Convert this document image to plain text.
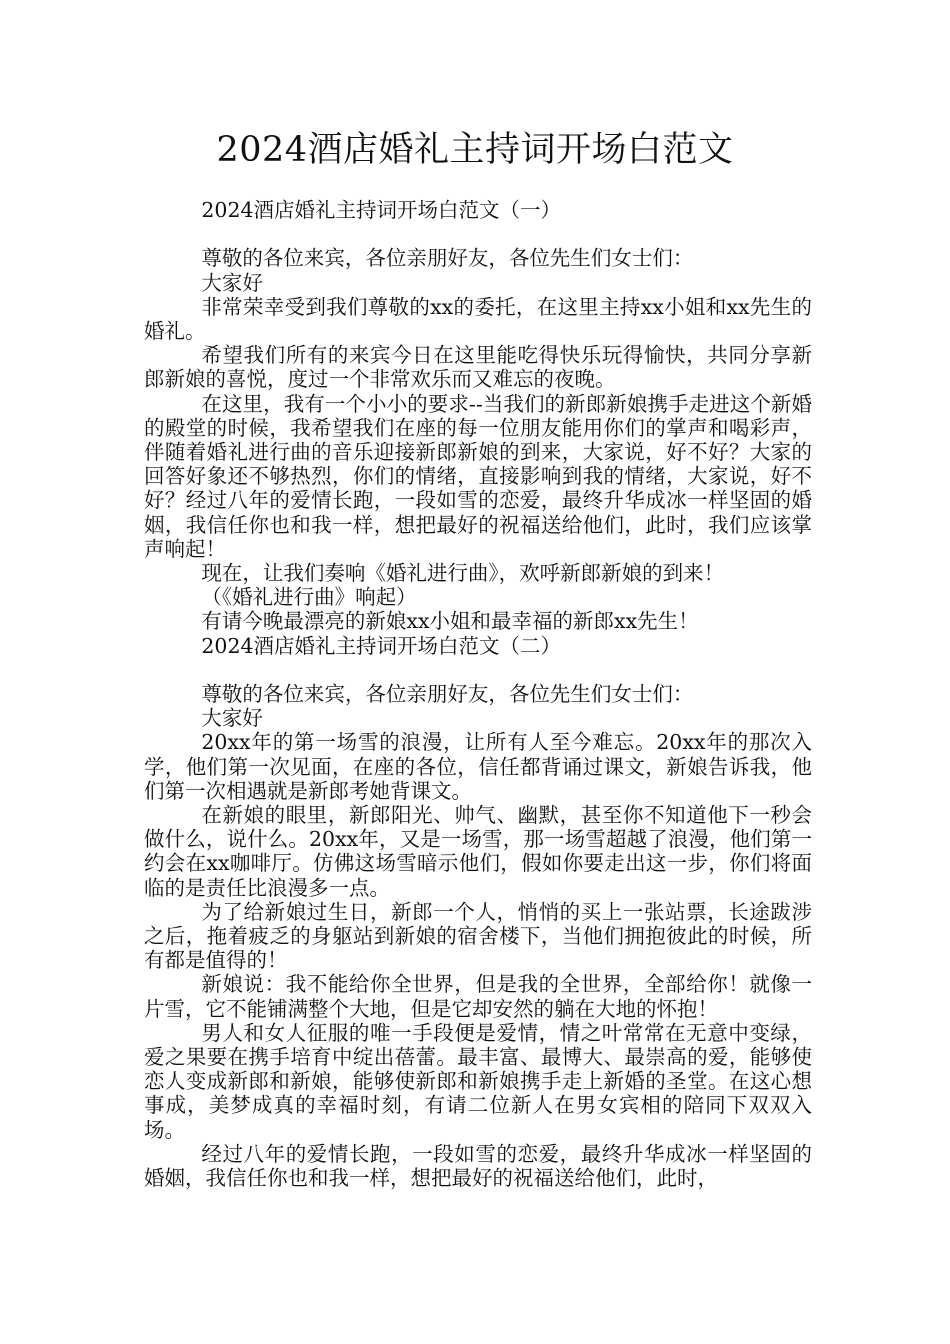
2024酒店婚礼主持词开场白范文

2024酒店婚礼主持词开场白范文（一）

尊敬的各位来宾，各位亲朋好友，各位先生们女士们：

大家好

非常荣幸受到我们尊敬的xx的委托，在这里主持xx小姐和xx先生的婚礼。

希望我们所有的来宾今日在这里能吃得快乐玩得愉快，共同分享新郎新娘的喜悦，度过一个非常欢乐而又难忘的夜晚。

在这里，我有一个小小的要求--当我们的新郎新娘携手走进这个新婚的殿堂的时候，我希望我们在座的每一位朋友能用你们的掌声和喝彩声，伴随着婚礼进行曲的音乐迎接新郎新娘的到来，大家说，好不好？大家的回答好象还不够热烈，你们的情绪，直接影响到我的情绪，大家说，好不好？经过八年的爱情长跑，一段如雪的恋爱，最终升华成冰一样坚固的婚姻，我信任你也和我一样，想把最好的祝福送给他们，此时，我们应该掌声响起！

现在，让我们奏响《婚礼进行曲》，欢呼新郎新娘的到来！

（《婚礼进行曲》响起）

有请今晚最漂亮的新娘xx小姐和最幸福的新郎xx先生！

2024酒店婚礼主持词开场白范文（二）

尊敬的各位来宾，各位亲朋好友，各位先生们女士们：

大家好

20xx年的第一场雪的浪漫，让所有人至今难忘。20xx年的那次入学，他们第一次见面，在座的各位，信任都背诵过课文，新娘告诉我，他们第一次相遇就是新郎考她背课文。

在新娘的眼里，新郎阳光、帅气、幽默，甚至你不知道他下一秒会做什么，说什么。20xx年，又是一场雪，那一场雪超越了浪漫，他们第一约会在xx咖啡厅。仿佛这场雪暗示他们，假如你要走出这一步，你们将面临的是责任比浪漫多一点。

为了给新娘过生日，新郎一个人，悄悄的买上一张站票，长途跋涉之后，拖着疲乏的身躯站到新娘的宿舍楼下，当他们拥抱彼此的时候，所有都是值得的！

新娘说：我不能给你全世界，但是我的全世界，全部给你！就像一片雪，它不能铺满整个大地，但是它却安然的躺在大地的怀抱！

男人和女人征服的唯一手段便是爱情，情之叶常常在无意中变绿，爱之果要在携手培育中绽出蓓蕾。最丰富、最博大、最崇高的爱，能够使恋人变成新郎和新娘，能够使新郎和新娘携手走上新婚的圣堂。在这心想事成，美梦成真的幸福时刻，有请二位新人在男女宾相的陪同下双双入场。

经过八年的爱情长跑，一段如雪的恋爱，最终升华成冰一样坚固的婚姻，我信任你也和我一样，想把最好的祝福送给他们，此时，
